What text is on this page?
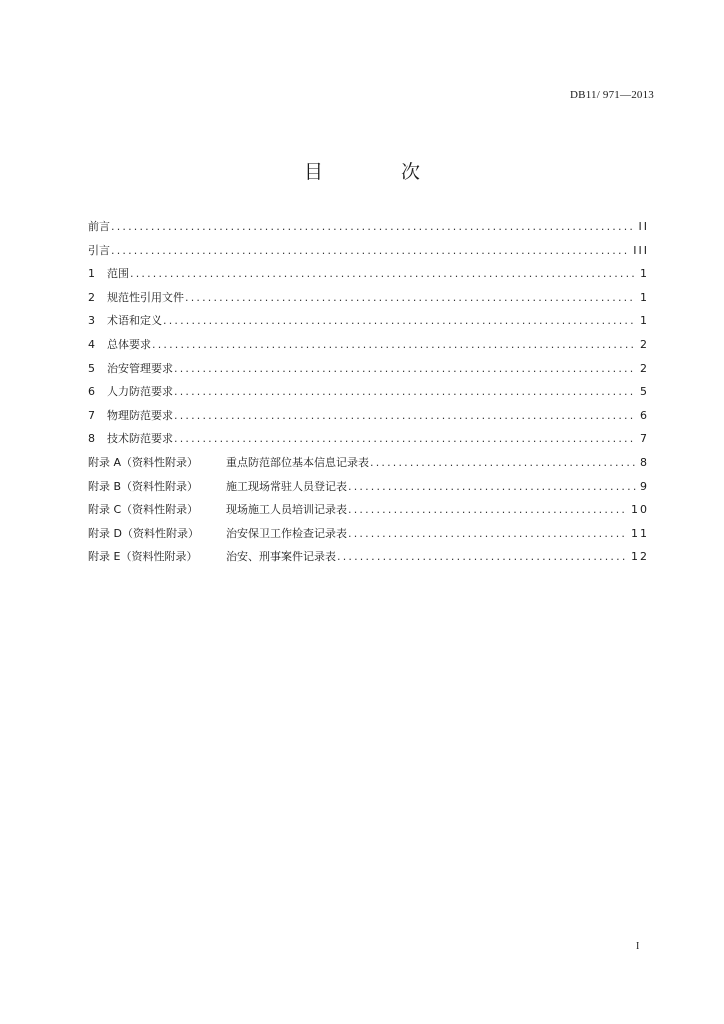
DB11/ 971—2013
目 次
前言 .....	II
引言 .....	III
1	范围 .....	1
2	规范性引用文件 .....	1
3	术语和定义 .....	1
4	总体要求 .....	2
5	治安管理要求 .....	2
6	人力防范要求 .....	5
7	物理防范要求 .....	6
8	技术防范要求 .....	7
附录 A（资料性附录）	重点防范部位基本信息记录表 .....	8
附录 B（资料性附录）	施工现场常驻人员登记表 .....	9
附录 C（资料性附录）	现场施工人员培训记录表 .....	10
附录 D（资料性附录）	治安保卫工作检查记录表 .....	11
附录 E（资料性附录）	治安、刑事案件记录表 .....	12
I
